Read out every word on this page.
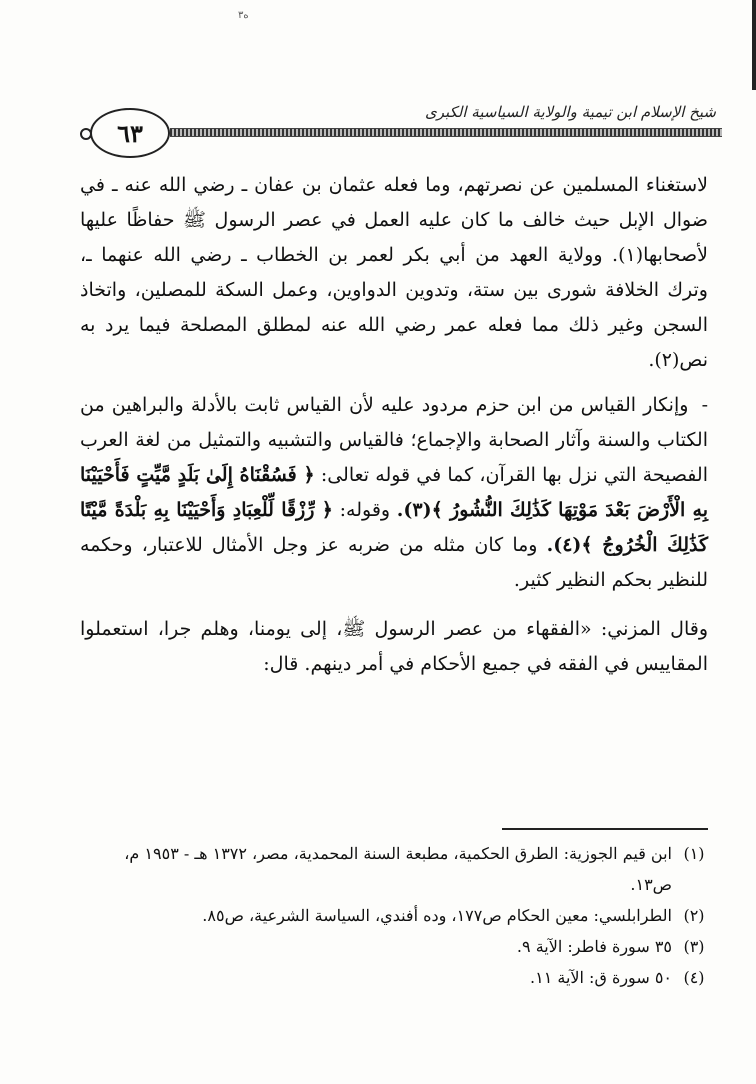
ه٣
شيخ الإسلام ابن تيمية والولاية السياسية الكبرى
٦٣

لاستغناء المسلمين عن نصرتهم، وما فعله عثمان بن عفان ـ رضي الله عنه ـ في ضوال الإبل حيث خالف ما كان عليه العمل في عصر الرسول ﷺ حفاظًا عليها لأصحابها(١). وولاية العهد من أبي بكر لعمر بن الخطاب ـ رضي الله عنهما ـ، وترك الخلافة شورى بين ستة، وتدوين الدواوين، وعمل السكة للمصلين، واتخاذ السجن وغير ذلك مما فعله عمر رضي الله عنه لمطلق المصلحة فيما يرد به نص(٢).

- وإنكار القياس من ابن حزم مردود عليه لأن القياس ثابت بالأدلة والبراهين من الكتاب والسنة وآثار الصحابة والإجماع؛ فالقياس والتشبيه والتمثيل من لغة العرب الفصيحة التي نزل بها القرآن، كما في قوله تعالى: ﴿ فَسُقْنَاهُ إِلَىٰ بَلَدٍ مَّيِّتٍ فَأَحْيَيْنَا بِهِ الْأَرْضَ بَعْدَ مَوْتِهَا كَذَٰلِكَ النُّشُورُ ﴾(٣). وقوله: ﴿ رِّزْقًا لِّلْعِبَادِ وَأَحْيَيْنَا بِهِ بَلْدَةً مَّيْتًا كَذَٰلِكَ الْخُرُوجُ ﴾(٤). وما كان مثله من ضربه عز وجل الأمثال للاعتبار، وحكمه للنظير بحكم النظير كثير.

وقال المزني: «الفقهاء من عصر الرسول ﷺ، إلى يومنا، وهلم جرا، استعملوا المقاييس في الفقه في جميع الأحكام في أمر دينهم. قال:

(١)
ابن قيم الجوزية: الطرق الحكمية، مطبعة السنة المحمدية، مصر، ١٣٧٢ هـ - ١٩٥٣ م، ص١٣.
(٢)
الطرابلسي: معين الحكام ص١٧٧، وده أفندي، السياسة الشرعية، ص٨٥.
(٣)
٣٥ سورة فاطر: الآية ٩.
(٤)
٥٠ سورة ق: الآية ١١.
